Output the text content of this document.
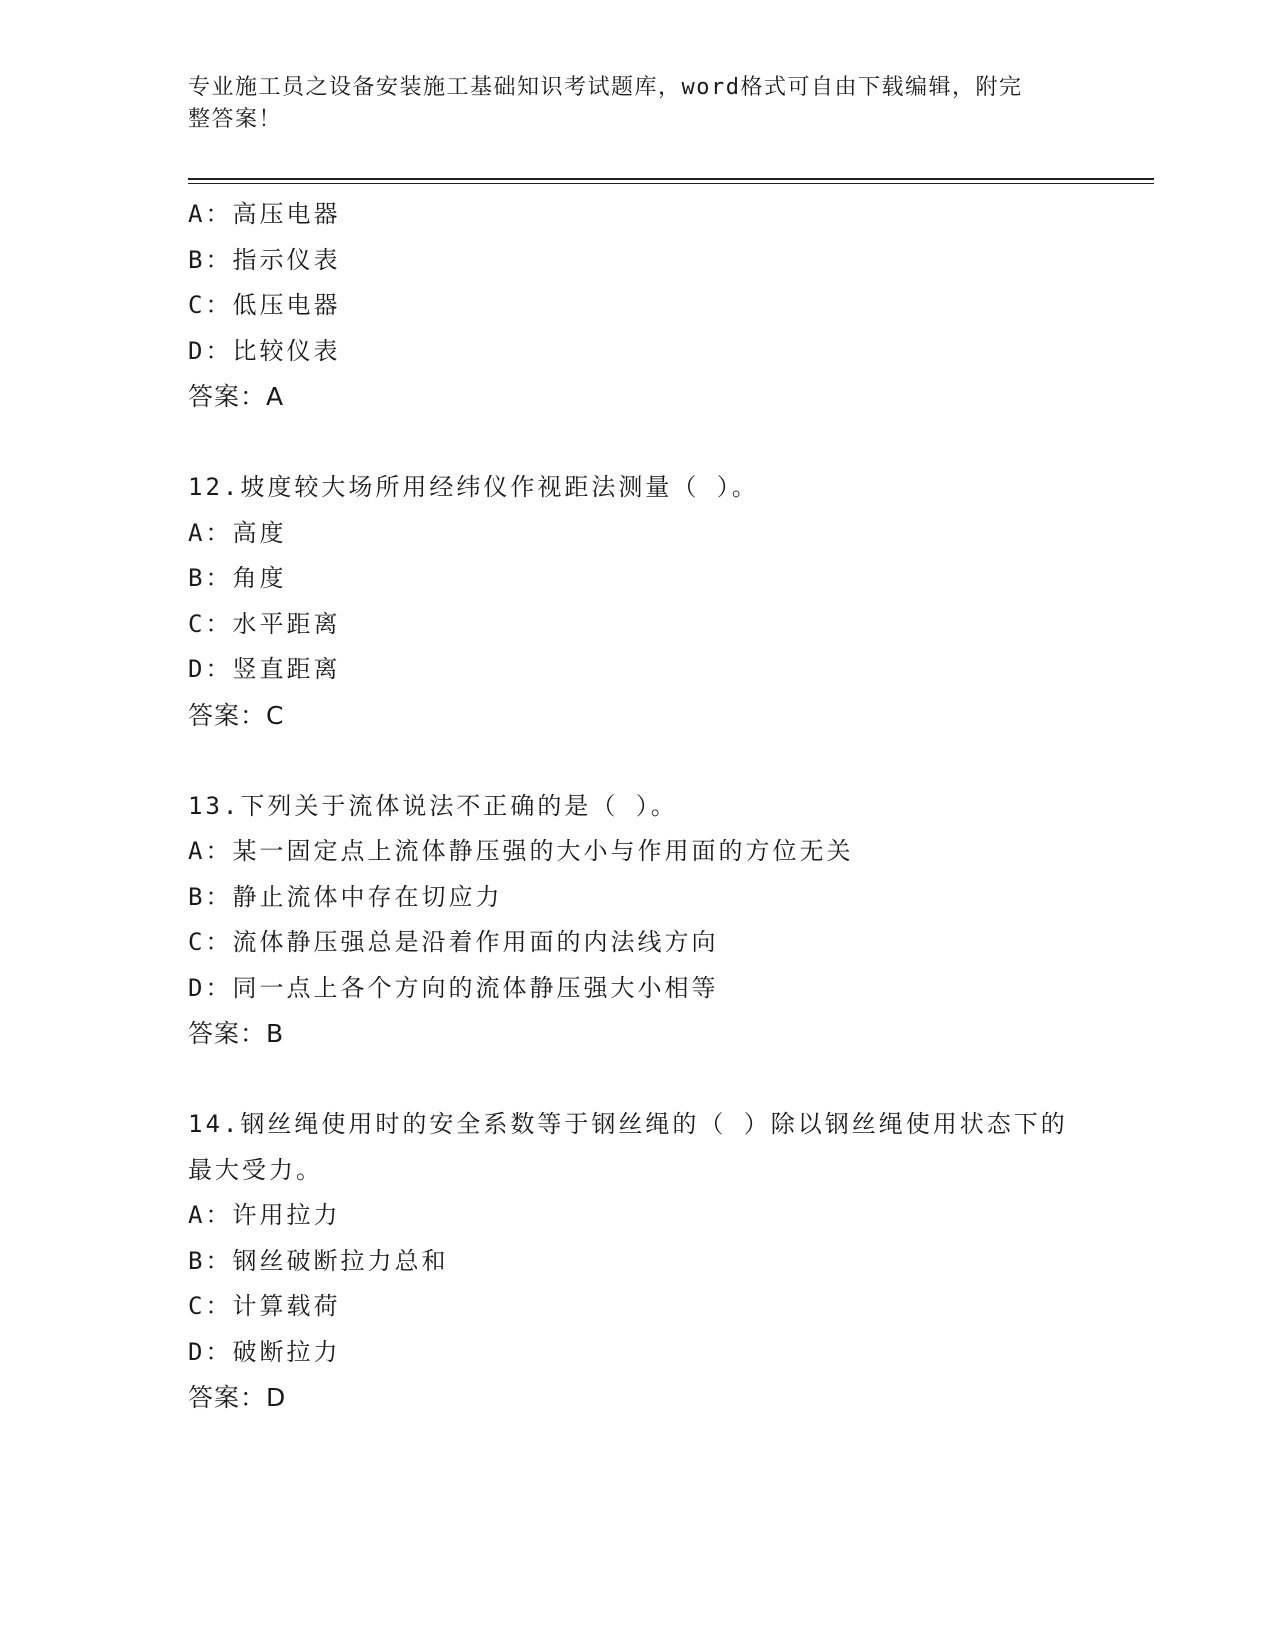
专业施工员之设备安装施工基础知识考试题库，word格式可自由下载编辑，附完
整答案！
A：高压电器
B：指示仪表
C：低压电器
D：比较仪表
答案：A
12.坡度较大场所用经纬仪作视距法测量（ ）。
A：高度
B：角度
C：水平距离
D：竖直距离
答案：C
13.下列关于流体说法不正确的是（ ）。
A：某一固定点上流体静压强的大小与作用面的方位无关
B：静止流体中存在切应力
C：流体静压强总是沿着作用面的内法线方向
D：同一点上各个方向的流体静压强大小相等
答案：B
14.钢丝绳使用时的安全系数等于钢丝绳的（ ）除以钢丝绳使用状态下的最大受力。
A：许用拉力
B：钢丝破断拉力总和
C：计算载荷
D：破断拉力
答案：D
